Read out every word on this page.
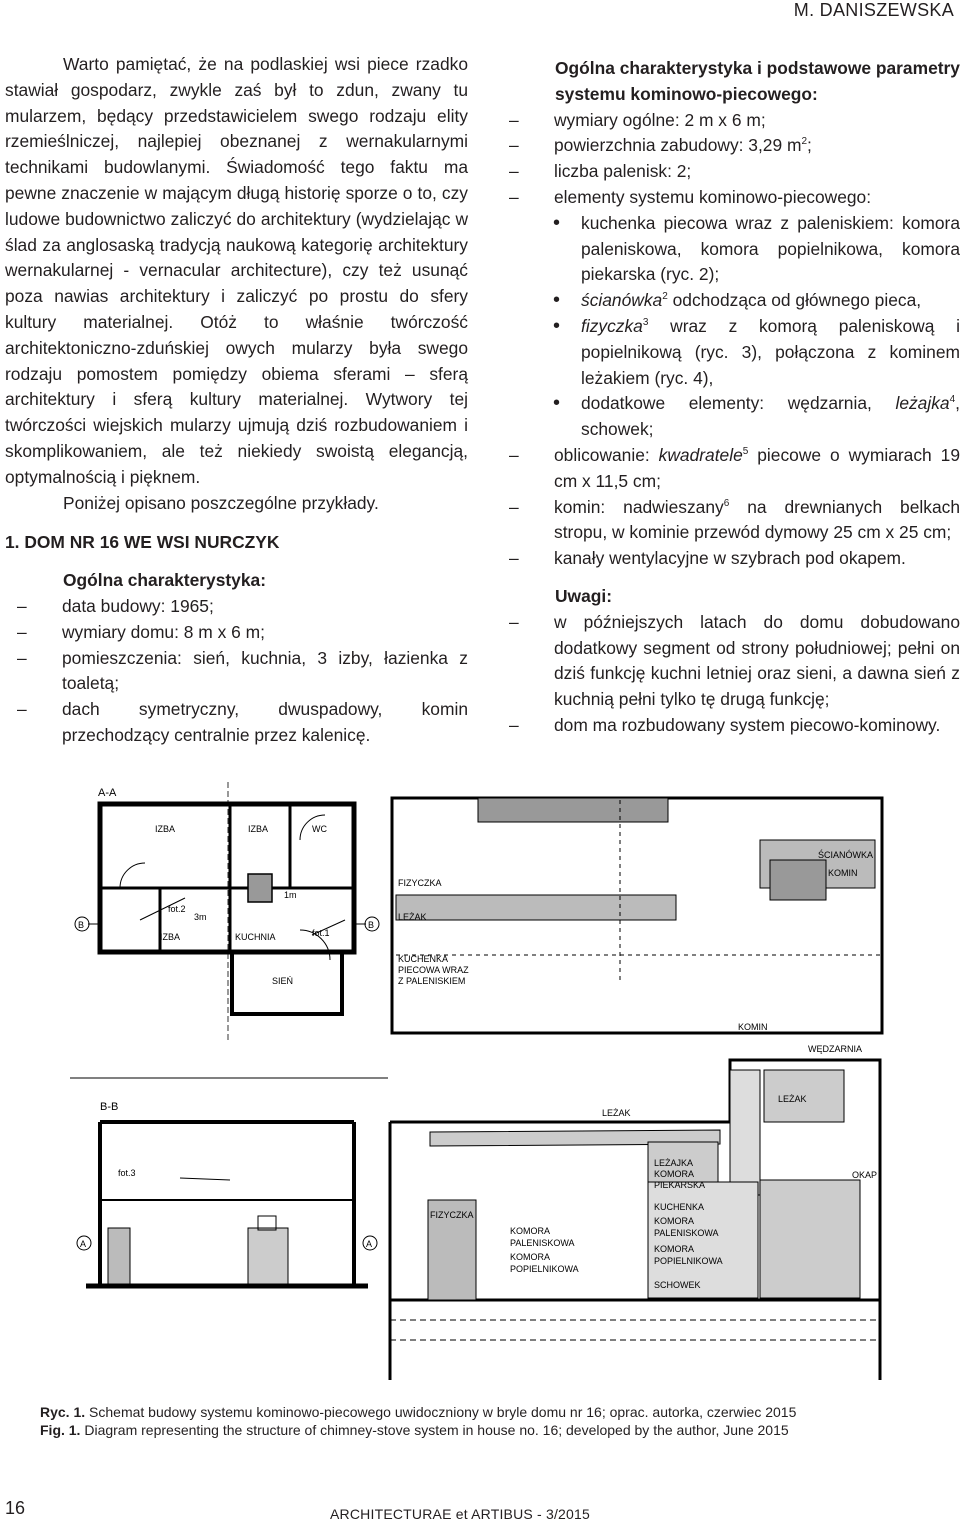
M. DANISZEWSKA

Warto pamiętać, że na podlaskiej wsi piece rzadko stawiał gospodarz, zwykle zaś był to zdun, zwany tu mularzem, będący przedstawicielem swego rodzaju elity rzemieślniczej, najlepiej obeznanej z wernakularnymi technikami budowlanymi. Świadomość tego faktu ma pewne znaczenie w mającym długą historię sporze o to, czy ludowe budownictwo zaliczyć do architektury (wydzielając w ślad za anglosaską tradycją naukową kategorię architektury wernakularnej - vernacular architecture), czy też usunąć poza nawias architektury i zaliczyć po prostu do sfery kultury materialnej. Otóż to właśnie twórczość architektoniczno-zduńskiej owych mularzy była swego rodzaju pomostem pomiędzy obiema sferami – sferą architektury i sferą kultury materialnej. Wytwory tej twórczości wiejskich mularzy ujmują dziś rozbudowaniem i skomplikowaniem, ale też niekiedy swoistą elegancją, optymalnością i pięknem.

Poniżej opisano poszczególne przykłady.

1. DOM NR 16 WE WSI NURCZYK
Ogólna charakterystyka:
– data budowy: 1965;
– wymiary domu: 8 m x 6 m;
– pomieszczenia: sień, kuchnia, 3 izby, łazienka z toaletą;
– dach symetryczny, dwuspadowy, komin przechodzący centralnie przez kalenicę.

Ogólna charakterystyka i podstawowe parametry systemu kominowo-piecowego:

– wymiary ogólne: 2 m x 6 m;
– powierzchnia zabudowy: 3,29 $m^2$;
– liczba palenisk: 2;
– elementy systemu kominowo-piecowego:
• kuchenka piecowa wraz z paleniskiem: komora paleniskowa, komora popielnikowa, komora piekarska (ryc. 2);
• ścianówka$^2$ odchodząca od głównego pieca,
• fizyczka$^3$ wraz z komorą paleniskową i popielnikową (ryc. 3), połączona z kominem leżakiem (ryc. 4),
• dodatkowe elementy: wędzarnia, leżajka$^4$, schowek;
– oblicowanie: kwadratele$^5$ piecowe o wymiarach 19 cm x 11,5 cm;
– komin: nadwieszany$^6$ na drewnianych belkach stropu, w kominie przewód dymowy 25 cm x 25 cm;
– kanały wentylacyjne w szybrach pod okapem.
Uwagi:
– w późniejszych latach do domu dobudowano dodatkowy segment od strony południowej; pełni on dziś funkcję kuchni letniej oraz sieni, a dawna sień z kuchnią pełni tylko tę drugą funkcję;
– dom ma rozbudowany system piecowo-kominowy.
A-A
IZBA	IZBA	WC
IZBA	KUCHNIA
SIEŃ
fot.2
fot.1
3m
1m
B	B
B-B
fot.3
A	A
ŚCIANÓWKA
KOMIN
FIZYCZKA
LEŻAK
KUCHENKA
PIECOWA WRAZ
Z PALENISKIEM
KOMIN
WĘDZARNIA
LEŻAK
LEŻAK
LEŻAJKA
KOMORA
PIEKARSKA
OKAP
FIZYCZKA
KUCHENKA
KOMORA
PALENISKOWA
KOMORA
PALENISKOWA
KOMORA
POPIELNIKOWA
KOMORA
POPIELNIKOWA
SCHOWEK
Ryc. 1. Schemat budowy systemu kominowo-piecowego uwidoczniony w bryle domu nr 16; oprac. autorka, czerwiec 2015
Fig. 1. Diagram representing the structure of chimney-stove system in house no. 16; developed by the author, June 2015
16	ARCHITECTURAE et ARTIBUS - 3/2015
